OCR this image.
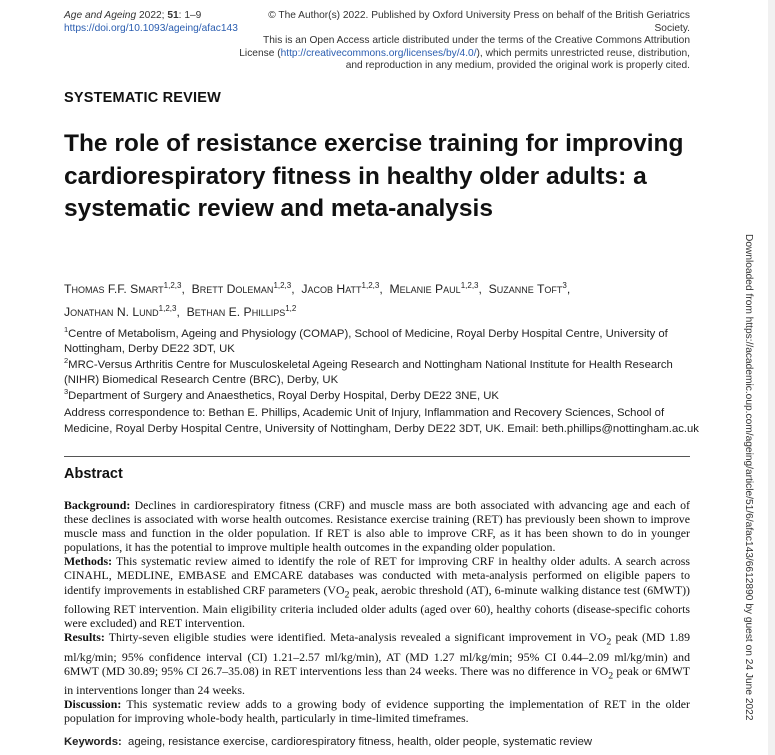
Age and Ageing 2022; 51: 1–9
https://doi.org/10.1093/ageing/afac143
© The Author(s) 2022. Published by Oxford University Press on behalf of the British Geriatrics Society.
This is an Open Access article distributed under the terms of the Creative Commons Attribution
License (http://creativecommons.org/licenses/by/4.0/), which permits unrestricted reuse, distribution,
and reproduction in any medium, provided the original work is properly cited.
SYSTEMATIC REVIEW
The role of resistance exercise training for improving cardiorespiratory fitness in healthy older adults: a systematic review and meta-analysis
Thomas F.F. Smart$^{1,2,3}$, Brett Doleman$^{1,2,3}$, Jacob Hatt$^{1,2,3}$, Melanie Paul$^{1,2,3}$, Suzanne Toft$^3$,
Jonathan N. Lund$^{1,2,3}$, Bethan E. Phillips$^{1,2}$
$^1$Centre of Metabolism, Ageing and Physiology (COMAP), School of Medicine, Royal Derby Hospital Centre, University of Nottingham, Derby DE22 3DT, UK
$^2$MRC-Versus Arthritis Centre for Musculoskeletal Ageing Research and Nottingham National Institute for Health Research (NIHR) Biomedical Research Centre (BRC), Derby, UK
$^3$Department of Surgery and Anaesthetics, Royal Derby Hospital, Derby DE22 3NE, UK
Address correspondence to: Bethan E. Phillips, Academic Unit of Injury, Inflammation and Recovery Sciences, School of Medicine, Royal Derby Hospital Centre, University of Nottingham, Derby DE22 3DT, UK. Email: beth.phillips@nottingham.ac.uk
Abstract

Background: Declines in cardiorespiratory fitness (CRF) and muscle mass are both associated with advancing age and each of these declines is associated with worse health outcomes. Resistance exercise training (RET) has previously been shown to improve muscle mass and function in the older population. If RET is also able to improve CRF, as it has been shown to do in younger populations, it has the potential to improve multiple health outcomes in the expanding older population.

Methods: This systematic review aimed to identify the role of RET for improving CRF in healthy older adults. A search across CINAHL, MEDLINE, EMBASE and EMCARE databases was conducted with meta-analysis performed on eligible papers to identify improvements in established CRF parameters ($VO_2$ peak, aerobic threshold (AT), 6-minute walking distance test (6MWT)) following RET intervention. Main eligibility criteria included older adults (aged over 60), healthy cohorts (disease-specific cohorts were excluded) and RET intervention.

Results: Thirty-seven eligible studies were identified. Meta-analysis revealed a significant improvement in $VO_2$ peak (MD 1.89 ml/kg/min; 95% confidence interval (CI) 1.21–2.57 ml/kg/min), AT (MD 1.27 ml/kg/min; 95% CI 0.44–2.09 ml/kg/min) and 6MWT (MD 30.89; 95% CI 26.7–35.08) in RET interventions less than 24 weeks. There was no difference in $VO_2$ peak or 6MWT in interventions longer than 24 weeks.

Discussion: This systematic review adds to a growing body of evidence supporting the implementation of RET in the older population for improving whole-body health, particularly in time-limited timeframes.

Keywords: ageing, resistance exercise, cardiorespiratory fitness, health, older people, systematic review
Downloaded from https://academic.oup.com/ageing/article/51/6/afac143/6612890 by guest on 24 June 2022
